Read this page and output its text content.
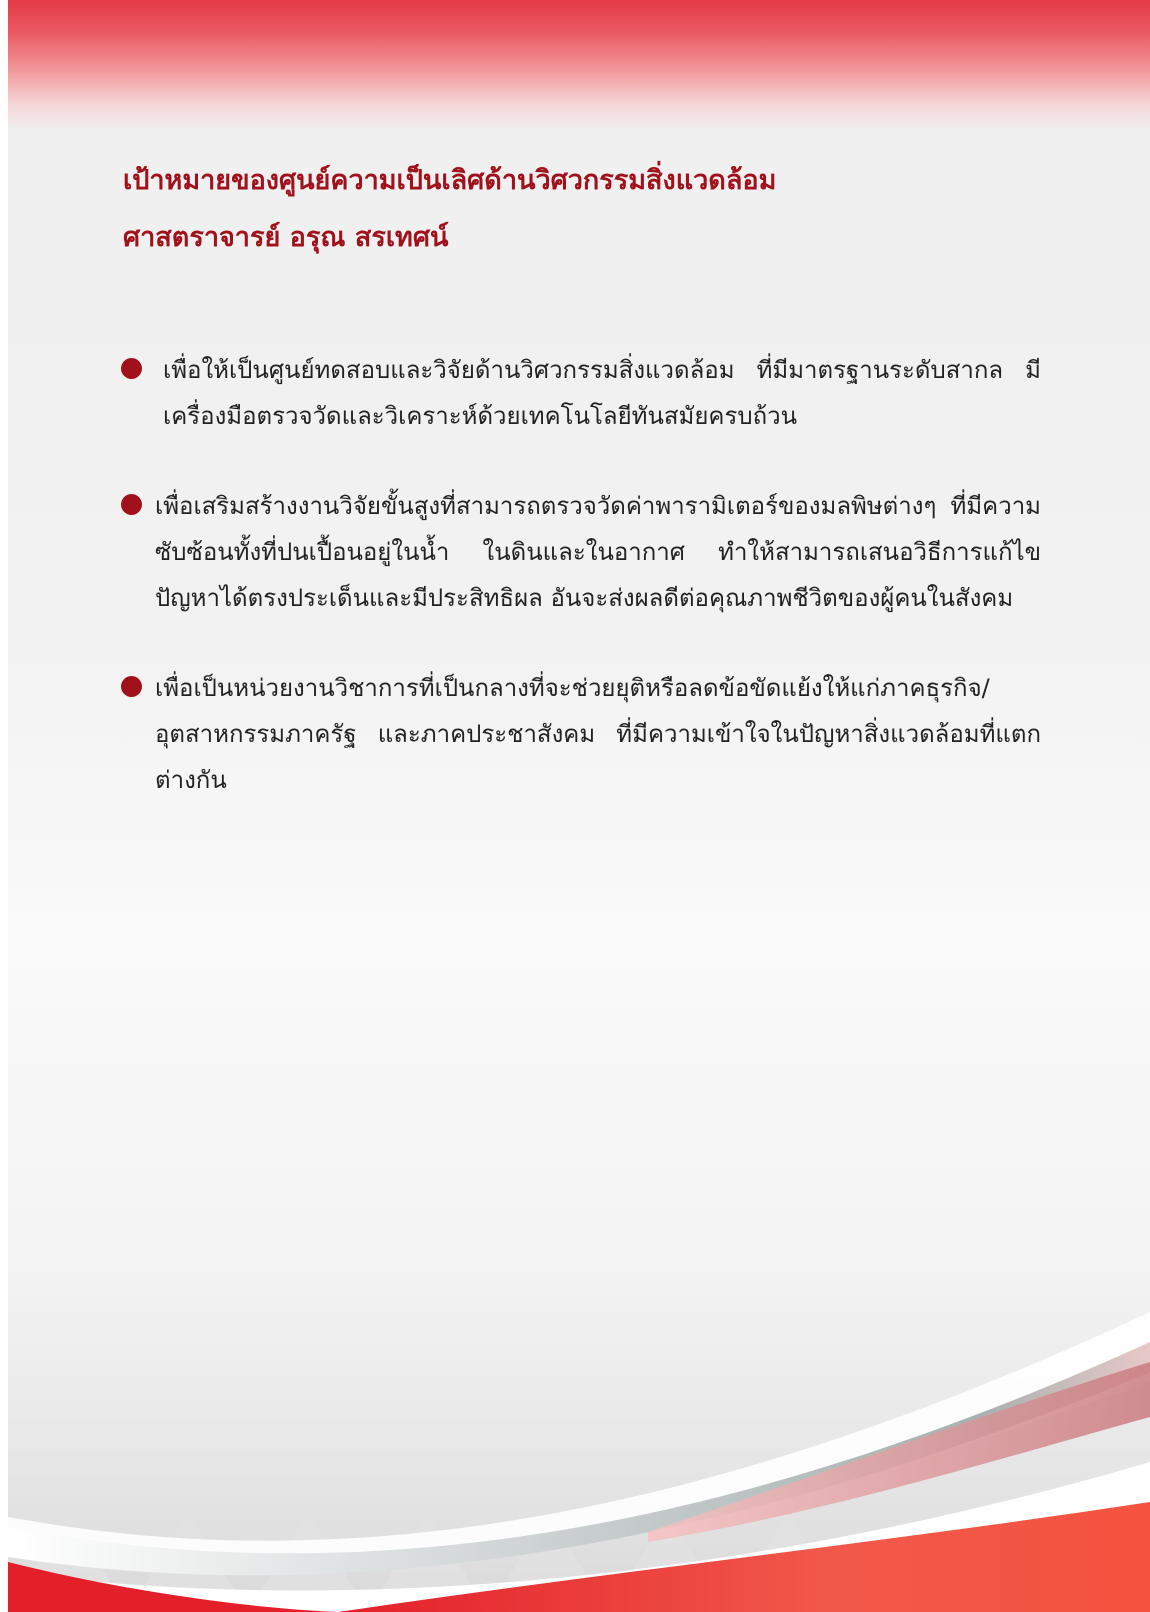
เป้าหมายของศูนย์ความเป็นเลิศด้านวิศวกรรมสิ่งแวดล้อม
ศาสตราจารย์ อรุณ สรเทศน์
เพื่อให้เป็นศูนย์ทดสอบและวิจัยด้านวิศวกรรมสิ่งแวดล้อม ที่มีมาตรฐานระดับสากล มีเครื่องมือตรวจวัดและวิเคราะห์ด้วยเทคโนโลยีทันสมัยครบถ้วน
เพื่อเสริมสร้างงานวิจัยขั้นสูงที่สามารถตรวจวัดค่าพารามิเตอร์ของมลพิษต่างๆ ที่มีความซับซ้อนทั้งที่ปนเปื้อนอยู่ในน้ำ ในดินและในอากาศ ทำให้สามารถเสนอวิธีการแก้ไขปัญหาได้ตรงประเด็นและมีประสิทธิผล อันจะส่งผลดีต่อคุณภาพชีวิตของผู้คนในสังคม
เพื่อเป็นหน่วยงานวิชาการที่เป็นกลางที่จะช่วยยุติหรือลดข้อขัดแย้งให้แก่ภาคธุรกิจ/อุตสาหกรรมภาครัฐ และภาคประชาสังคม ที่มีความเข้าใจในปัญหาสิ่งแวดล้อมที่แตกต่างกัน
